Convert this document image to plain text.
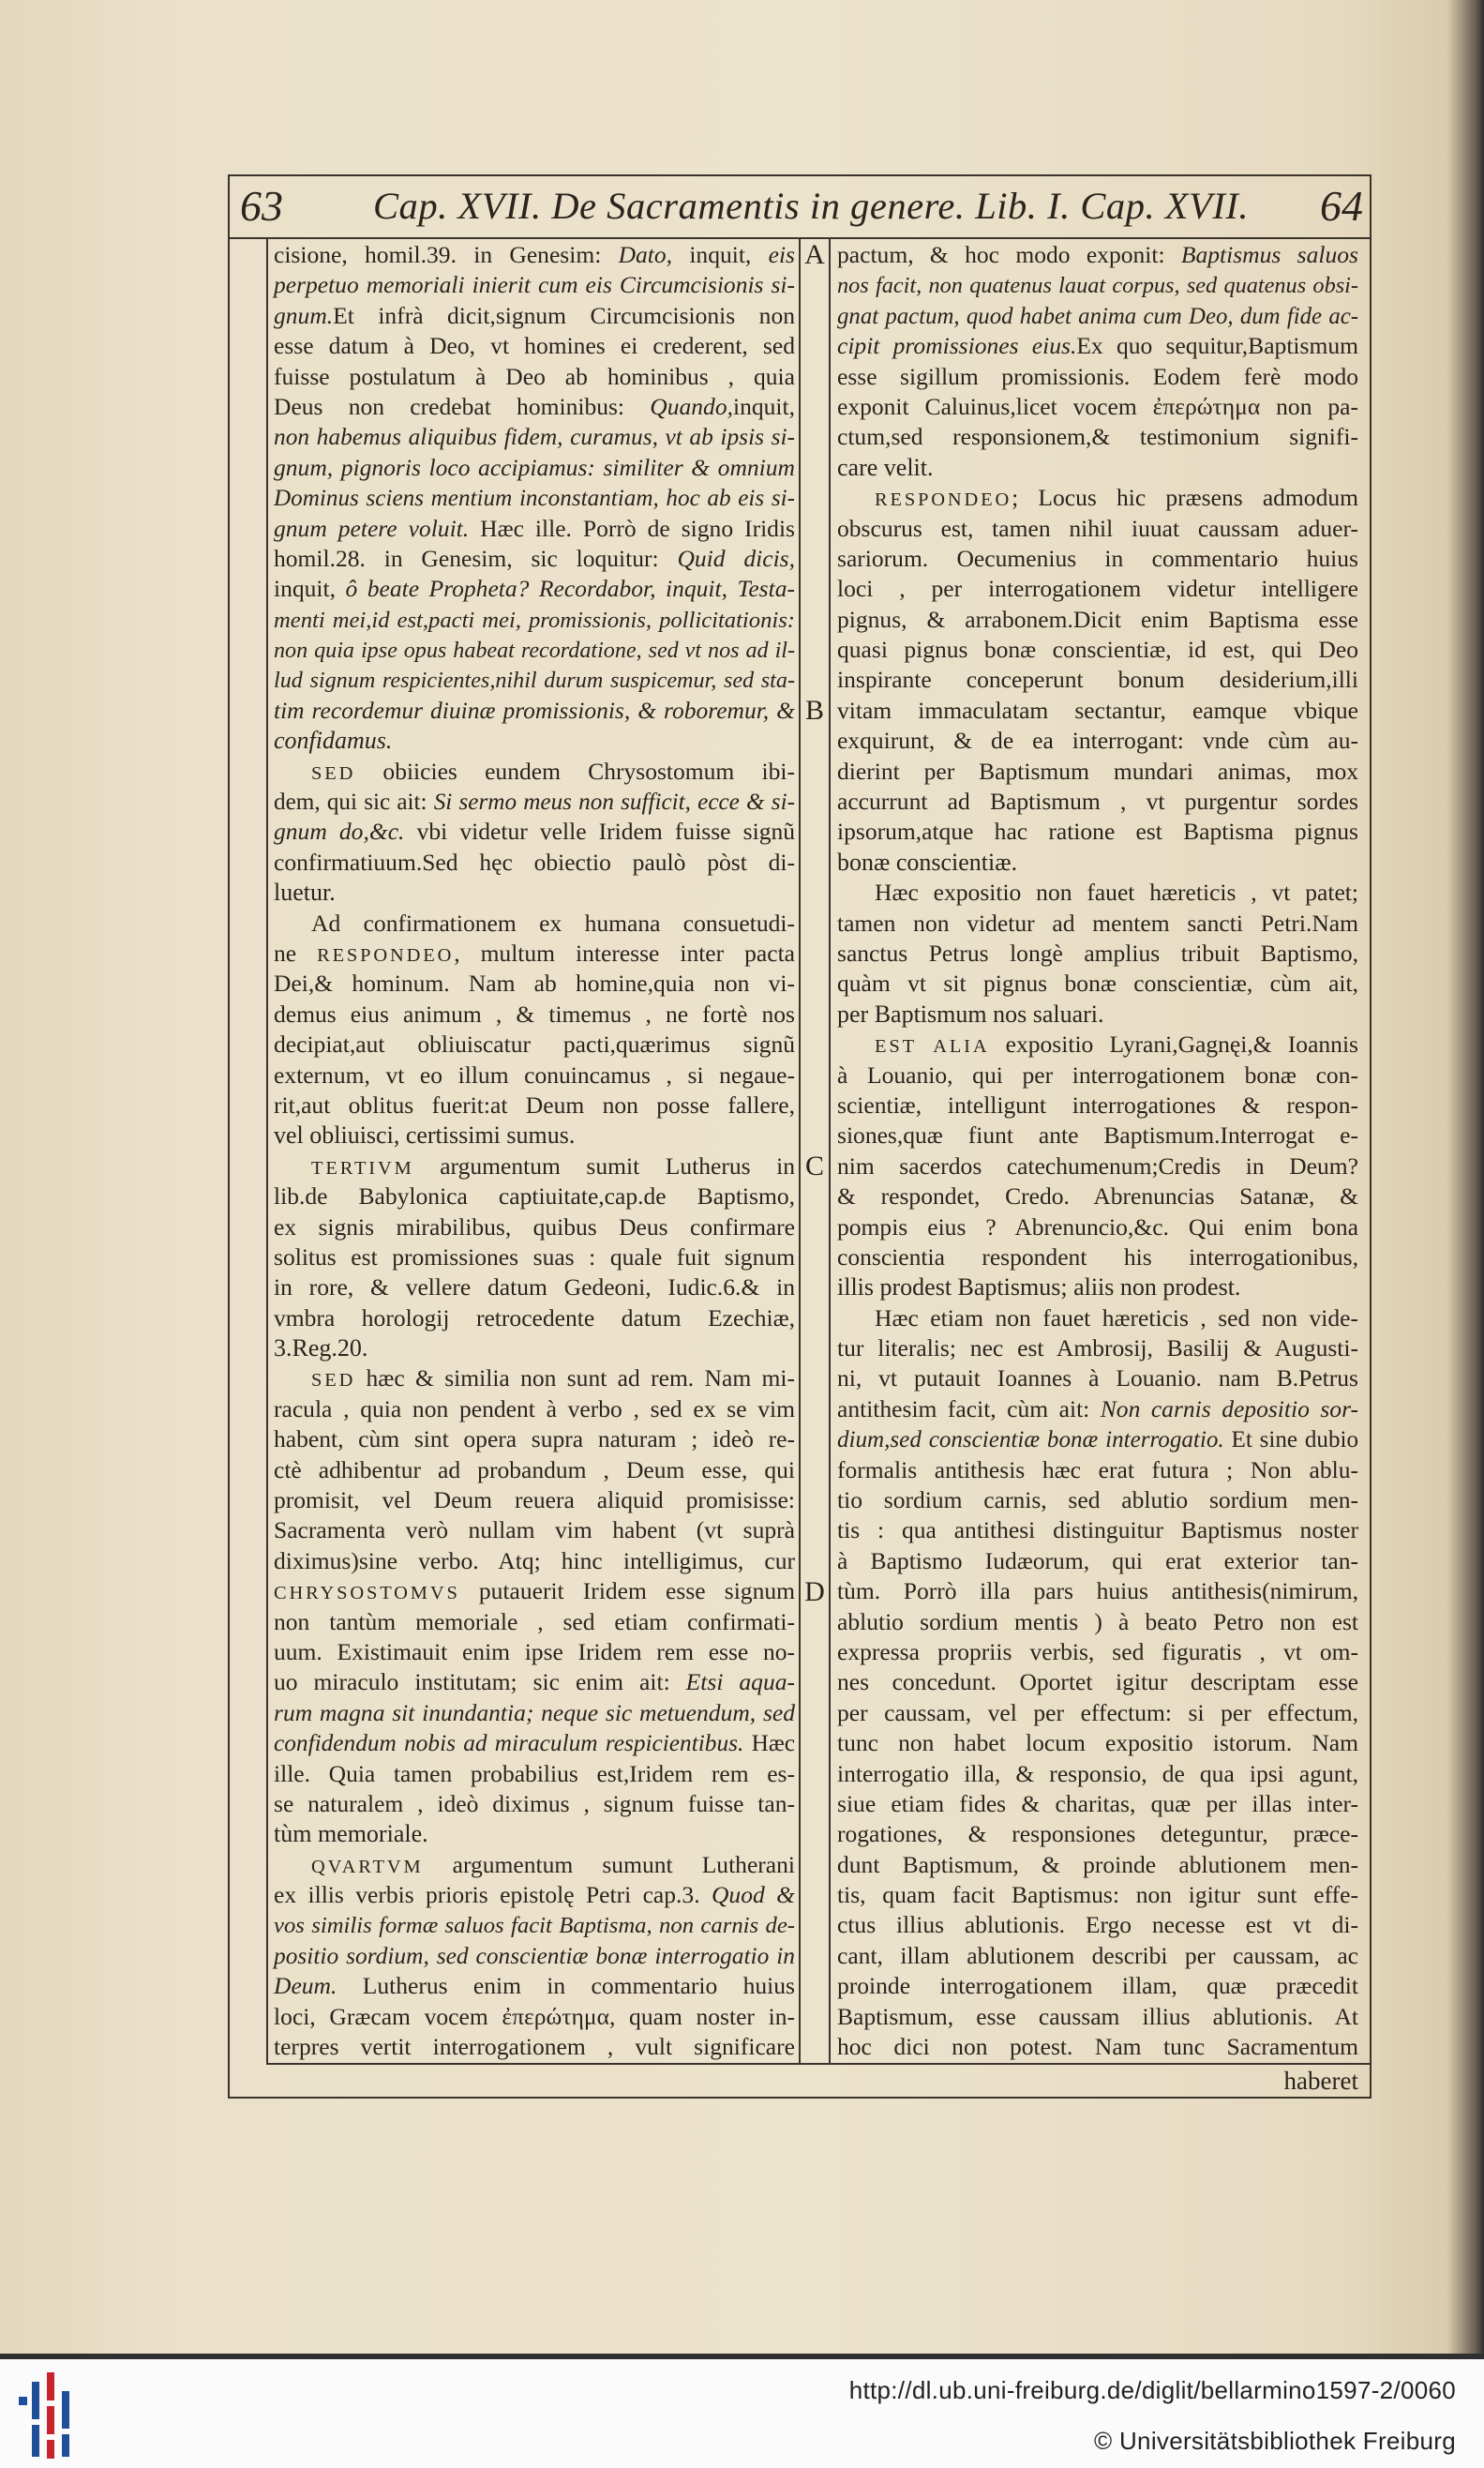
63	Cap. XVII. De Sacramentis in genere. Lib. I. Cap. XVII.	64
cisione, homil.39. in Genesim: Dato, inquit, eis
perpetuo memoriali inierit cum eis Circumcisionis si-
gnum.Et infrà dicit,signum Circumcisionis non
esse datum à Deo, vt homines ei crederent, sed
fuisse postulatum à Deo ab hominibus , quia
Deus non credebat hominibus: Quando,inquit,
non habemus aliquibus fidem, curamus, vt ab ipsis si-
gnum, pignoris loco accipiamus: similiter & omnium
Dominus sciens mentium inconstantiam, hoc ab eis si-
gnum petere voluit. Hæc ille. Porrò de signo Iridis
homil.28. in Genesim, sic loquitur: Quid dicis,
inquit, ô beate Propheta? Recordabor, inquit, Testa-
menti mei,id est,pacti mei, promissionis, pollicitationis:
non quia ipse opus habeat recordatione, sed vt nos ad il-
lud signum respicientes,nihil durum suspicemur, sed sta-
tim recordemur diuinæ promissionis, & roboremur, &
confidamus.
SED obiicies eundem Chrysostomum ibi-
dem, qui sic ait: Si sermo meus non sufficit, ecce & si-
gnum do,&c. vbi videtur velle Iridem fuisse signũ
confirmatiuum.Sed hęc obiectio paulò pòst di-
luetur.
Ad confirmationem ex humana consuetudi-
ne RESPONDEO, multum interesse inter pacta
Dei,& hominum. Nam ab homine,quia non vi-
demus eius animum , & timemus , ne fortè nos
decipiat,aut obliuiscatur pacti,quærimus signũ
externum, vt eo illum conuincamus , si negaue-
rit,aut oblitus fuerit:at Deum non posse fallere,
vel obliuisci, certissimi sumus.
TERTIVM argumentum sumit Lutherus in
lib.de Babylonica captiuitate,cap.de Baptismo,
ex signis mirabilibus, quibus Deus confirmare
solitus est promissiones suas : quale fuit signum
in rore, & vellere datum Gedeoni, Iudic.6.& in
vmbra horologij retrocedente datum Ezechiæ,
3.Reg.20.
SED hæc & similia non sunt ad rem. Nam mi-
racula , quia non pendent à verbo , sed ex se vim
habent, cùm sint opera supra naturam ; ideò re-
ctè adhibentur ad probandum , Deum esse, qui
promisit, vel Deum reuera aliquid promisisse:
Sacramenta verò nullam vim habent (vt suprà
diximus)sine verbo. Atq; hinc intelligimus, cur
CHRYSOSTOMVS putauerit Iridem esse signum
non tantùm memoriale , sed etiam confirmati-
uum. Existimauit enim ipse Iridem rem esse no-
uo miraculo institutam; sic enim ait: Etsi aqua-
rum magna sit inundantia; neque sic metuendum, sed
confidendum nobis ad miraculum respicientibus. Hæc
ille. Quia tamen probabilius est,Iridem rem es-
se naturalem , ideò diximus , signum fuisse tan-
tùm memoriale.
QVARTVM argumentum sumunt Lutherani
ex illis verbis prioris epistolę Petri cap.3. Quod &
vos similis formæ saluos facit Baptisma, non carnis de-
positio sordium, sed conscientiæ bonæ interrogatio in
Deum. Lutherus enim in commentario huius
loci, Græcam vocem ἐπερώτημα, quam noster in-
terpres vertit interrogationem , vult significare
pactum, & hoc modo exponit: Baptismus saluos
nos facit, non quatenus lauat corpus, sed quatenus obsi-
gnat pactum, quod habet anima cum Deo, dum fide ac-
cipit promissiones eius.Ex quo sequitur,Baptismum
esse sigillum promissionis. Eodem ferè modo
exponit Caluinus,licet vocem ἐπερώτημα non pa-
ctum,sed responsionem,& testimonium signifi-
care velit.
RESPONDEO; Locus hic præsens admodum
obscurus est, tamen nihil iuuat caussam aduer-
sariorum. Oecumenius in commentario huius
loci , per interrogationem videtur intelligere
pignus, & arrabonem.Dicit enim Baptisma esse
quasi pignus bonæ conscientiæ, id est, qui Deo
inspirante conceperunt bonum desiderium,illi
vitam immaculatam sectantur, eamque vbique
exquirunt, & de ea interrogant: vnde cùm au-
dierint per Baptismum mundari animas, mox
accurrunt ad Baptismum , vt purgentur sordes
ipsorum,atque hac ratione est Baptisma pignus
bonæ conscientiæ.
Hæc expositio non fauet hæreticis , vt patet;
tamen non videtur ad mentem sancti Petri.Nam
sanctus Petrus longè amplius tribuit Baptismo,
quàm vt sit pignus bonæ conscientiæ, cùm ait,
per Baptismum nos saluari.
EST ALIA expositio Lyrani,Gagnęi,& Ioannis
à Louanio, qui per interrogationem bonæ con-
scientiæ, intelligunt interrogationes & respon-
siones,quæ fiunt ante Baptismum.Interrogat e-
nim sacerdos catechumenum;Credis in Deum?
& respondet, Credo. Abrenuncias Satanæ, &
pompis eius ? Abrenuncio,&c. Qui enim bona
conscientia respondent his interrogationibus,
illis prodest Baptismus; aliis non prodest.
Hæc etiam non fauet hæreticis , sed non vide-
tur literalis; nec est Ambrosij, Basilij & Augusti-
ni, vt putauit Ioannes à Louanio. nam B.Petrus
antithesim facit, cùm ait: Non carnis depositio sor-
dium,sed conscientiæ bonæ interrogatio. Et sine dubio
formalis antithesis hæc erat futura ; Non ablu-
tio sordium carnis, sed ablutio sordium men-
tis : qua antithesi distinguitur Baptismus noster
à Baptismo Iudæorum, qui erat exterior tan-
tùm. Porrò illa pars huius antithesis(nimirum,
ablutio sordium mentis ) à beato Petro non est
expressa propriis verbis, sed figuratis , vt om-
nes concedunt. Oportet igitur descriptam esse
per caussam, vel per effectum: si per effectum,
tunc non habet locum expositio istorum. Nam
interrogatio illa, & responsio, de qua ipsi agunt,
siue etiam fides & charitas, quæ per illas inter-
rogationes, & responsiones deteguntur, præce-
dunt Baptismum, & proinde ablutionem men-
tis, quam facit Baptismus: non igitur sunt effe-
ctus illius ablutionis. Ergo necesse est vt di-
cant, illam ablutionem describi per caussam, ac
proinde interrogationem illam, quæ præcedit
Baptismum, esse caussam illius ablutionis. At
hoc dici non potest. Nam tunc Sacramentum
A
B
C
D
haberet
http://dl.ub.uni-freiburg.de/diglit/bellarmino1597-2/0060
© Universitätsbibliothek Freiburg
